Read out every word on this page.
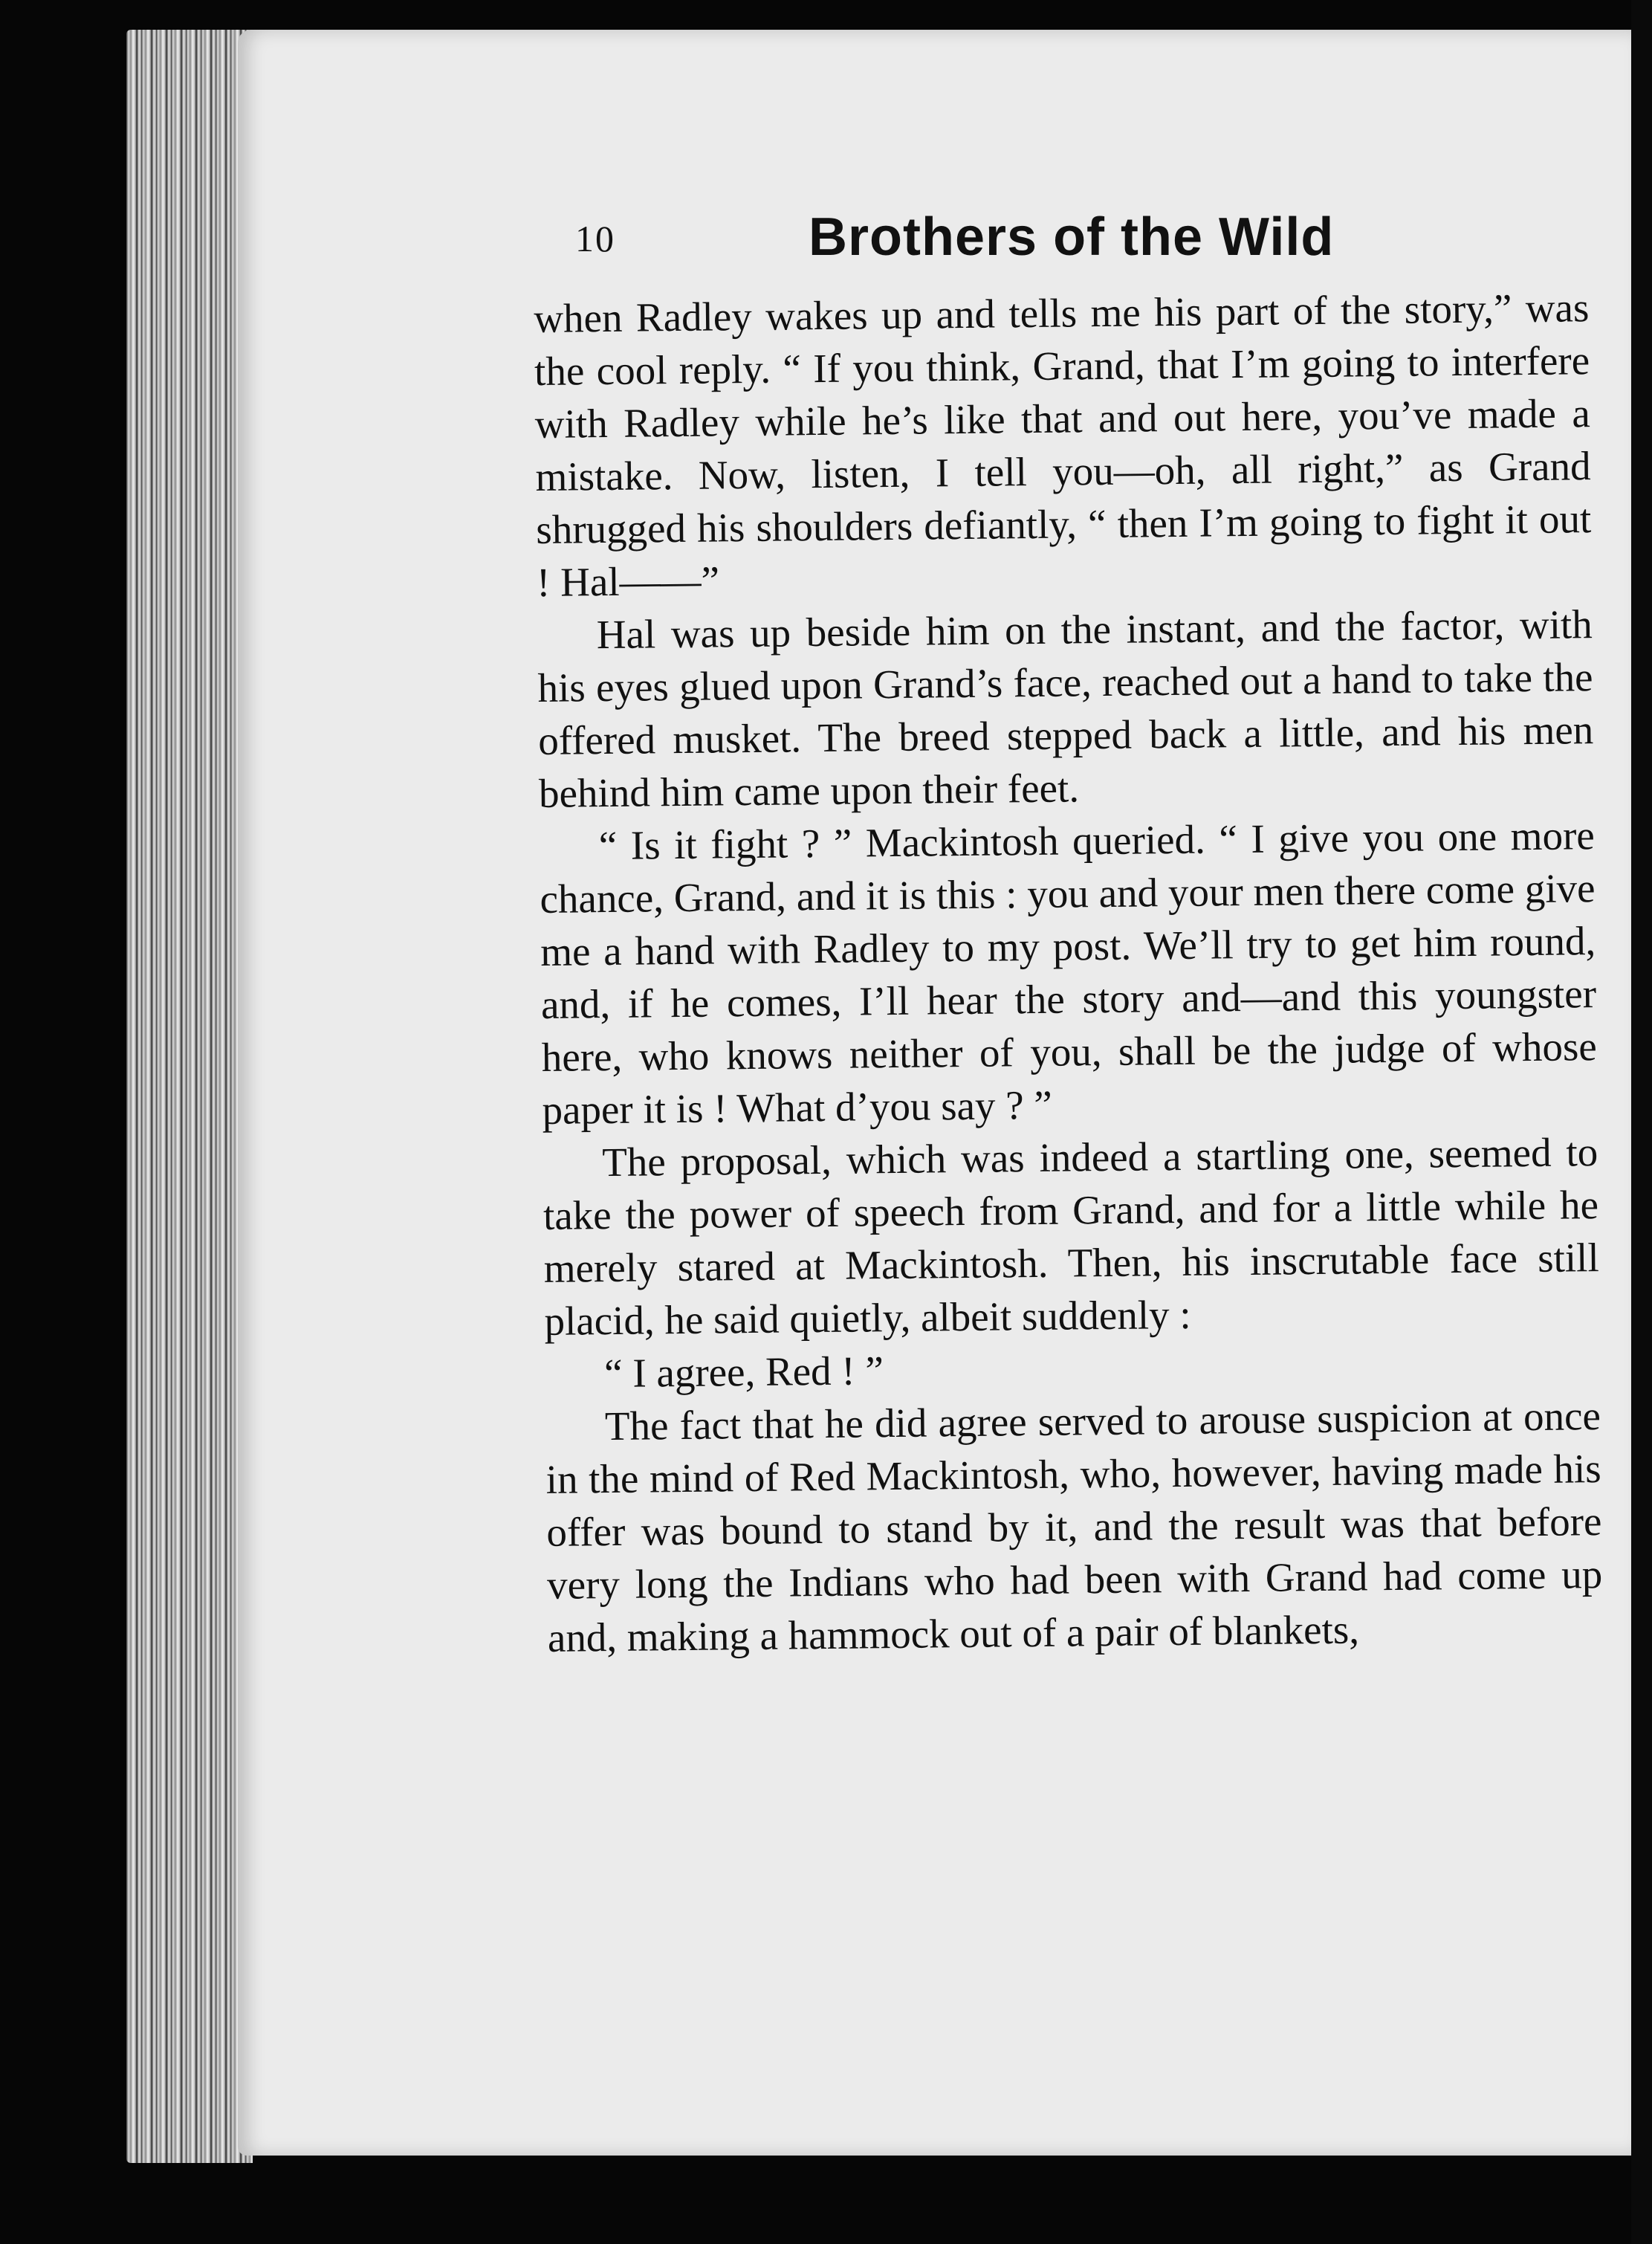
10	Brothers of the Wild

when Radley wakes up and tells me his part of the story,” was the cool reply. “ If you think, Grand, that I’m going to interfere with Radley while he’s like that and out here, you’ve made a mistake. Now, listen, I tell you—oh, all right,” as Grand shrugged his shoulders defiantly, “ then I’m going to fight it out ! Hal——”

Hal was up beside him on the instant, and the factor, with his eyes glued upon Grand’s face, reached out a hand to take the offered musket. The breed stepped back a little, and his men behind him came upon their feet.

“ Is it fight ? ” Mackintosh queried. “ I give you one more chance, Grand, and it is this : you and your men there come give me a hand with Radley to my post. We’ll try to get him round, and, if he comes, I’ll hear the story and—and this youngster here, who knows neither of you, shall be the judge of whose paper it is ! What d’you say ? ”

The proposal, which was indeed a startling one, seemed to take the power of speech from Grand, and for a little while he merely stared at Mackintosh. Then, his inscrutable face still placid, he said quietly, albeit suddenly :

“ I agree, Red ! ”

The fact that he did agree served to arouse suspicion at once in the mind of Red Mackintosh, who, however, having made his offer was bound to stand by it, and the result was that before very long the Indians who had been with Grand had come up and, making a hammock out of a pair of blankets,
